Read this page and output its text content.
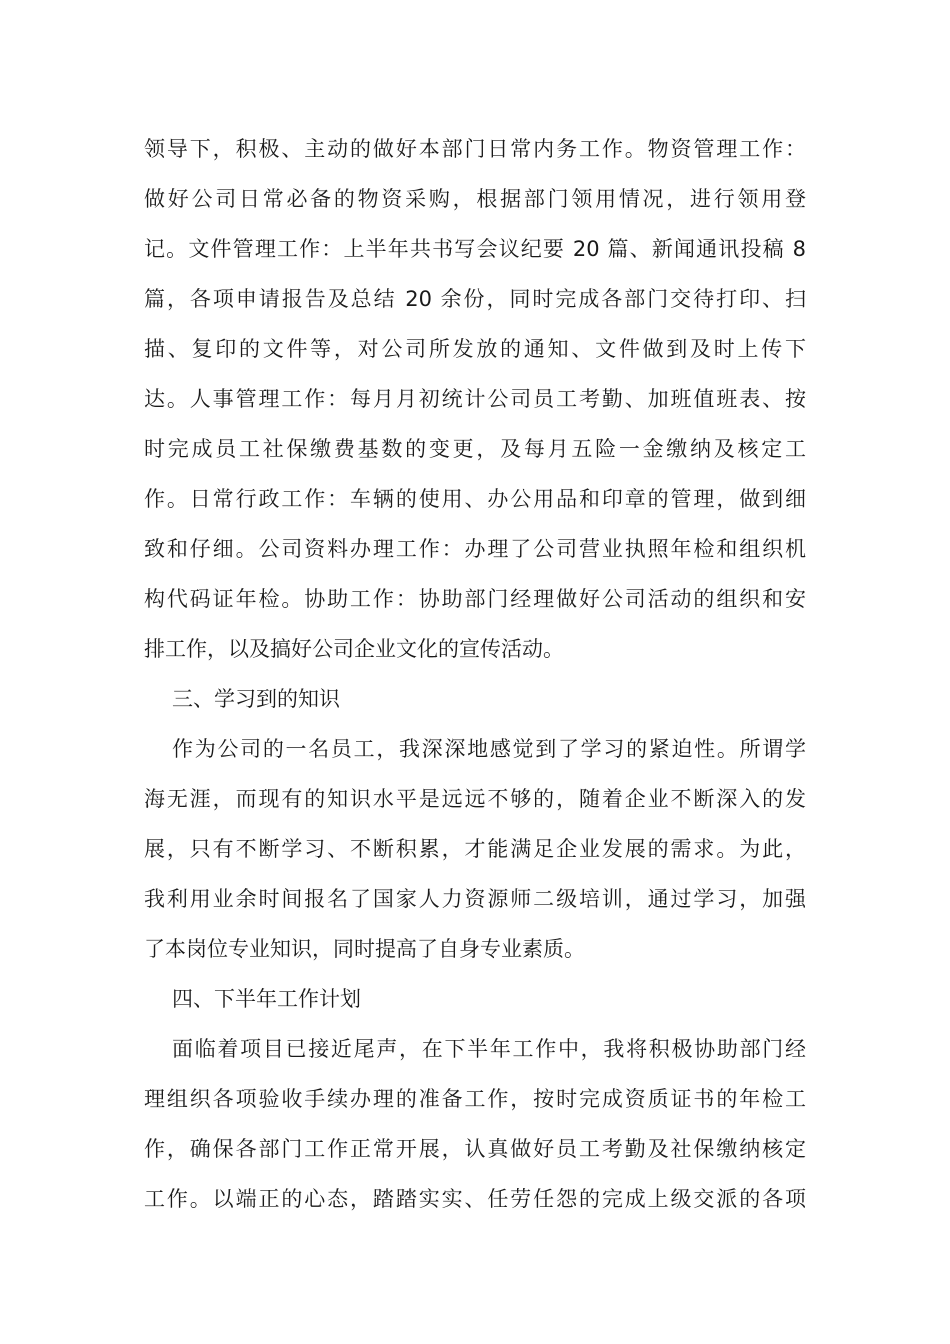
领导下，积极、主动的做好本部门日常内务工作。物资管理工作：
做好公司日常必备的物资采购，根据部门领用情况，进行领用登
记。文件管理工作：上半年共书写会议纪要 20 篇、新闻通讯投稿 8
篇，各项申请报告及总结 20 余份，同时完成各部门交待打印、扫
描、复印的文件等，对公司所发放的通知、文件做到及时上传下
达。人事管理工作：每月月初统计公司员工考勤、加班值班表、按
时完成员工社保缴费基数的变更，及每月五险一金缴纳及核定工
作。日常行政工作：车辆的使用、办公用品和印章的管理，做到细
致和仔细。公司资料办理工作：办理了公司营业执照年检和组织机
构代码证年检。协助工作：协助部门经理做好公司活动的组织和安
排工作，以及搞好公司企业文化的宣传活动。
三、学习到的知识
作为公司的一名员工，我深深地感觉到了学习的紧迫性。所谓学
海无涯，而现有的知识水平是远远不够的，随着企业不断深入的发
展，只有不断学习、不断积累，才能满足企业发展的需求。为此，
我利用业余时间报名了国家人力资源师二级培训，通过学习，加强
了本岗位专业知识，同时提高了自身专业素质。
四、下半年工作计划
面临着项目已接近尾声，在下半年工作中，我将积极协助部门经
理组织各项验收手续办理的准备工作，按时完成资质证书的年检工
作，确保各部门工作正常开展，认真做好员工考勤及社保缴纳核定
工作。以端正的心态，踏踏实实、任劳任怨的完成上级交派的各项
